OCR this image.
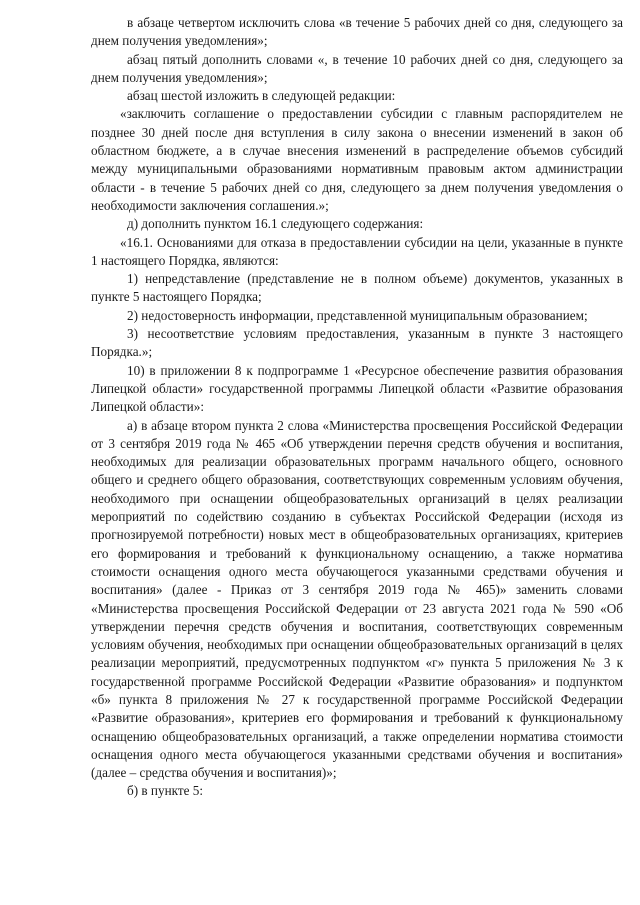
в абзаце четвертом исключить слова «в течение 5 рабочих дней со дня, следующего за днем получения уведомления»;

абзац пятый дополнить словами «, в течение 10 рабочих дней со дня, следующего за днем получения уведомления»;

абзац шестой изложить в следующей редакции:

«заключить соглашение о предоставлении субсидии с главным распорядителем не позднее 30 дней после дня вступления в силу закона о внесении изменений в закон об областном бюджете, а в случае внесения изменений в распределение объемов субсидий между муниципальными образованиями нормативным правовым актом администрации области - в течение 5 рабочих дней со дня, следующего за днем получения уведомления о необходимости заключения соглашения.»;

д) дополнить пунктом 16.1 следующего содержания:

«16.1. Основаниями для отказа в предоставлении субсидии на цели, указанные в пункте 1 настоящего Порядка, являются:

1) непредставление (представление не в полном объеме) документов, указанных в пункте 5 настоящего Порядка;

2) недостоверность информации, представленной муниципальным образованием;

3) несоответствие условиям предоставления, указанным в пункте 3 настоящего Порядка.»;

10) в приложении 8 к подпрограмме 1 «Ресурсное обеспечение развития образования Липецкой области» государственной программы Липецкой области «Развитие образования Липецкой области»:

а) в абзаце втором пункта 2 слова «Министерства просвещения Российской Федерации от 3 сентября 2019 года № 465 «Об утверждении перечня средств обучения и воспитания, необходимых для реализации образовательных программ начального общего, основного общего и среднего общего образования, соответствующих современным условиям обучения, необходимого при оснащении общеобразовательных организаций в целях реализации мероприятий по содействию созданию в субъектах Российской Федерации (исходя из прогнозируемой потребности) новых мест в общеобразовательных организациях, критериев его формирования и требований к функциональному оснащению, а также норматива стоимости оснащения одного места обучающегося указанными средствами обучения и воспитания» (далее - Приказ от 3 сентября 2019 года № 465)» заменить словами «Министерства просвещения Российской Федерации от 23 августа 2021 года № 590 «Об утверждении перечня средств обучения и воспитания, соответствующих современным условиям обучения, необходимых при оснащении общеобразовательных организаций в целях реализации мероприятий, предусмотренных подпунктом «г» пункта 5 приложения № 3 к государственной программе Российской Федерации «Развитие образования» и подпунктом «б» пункта 8 приложения № 27 к государственной программе Российской Федерации «Развитие образования», критериев его формирования и требований к функциональному оснащению общеобразовательных организаций, а также определении норматива стоимости оснащения одного места обучающегося указанными средствами обучения и воспитания» (далее – средства обучения и воспитания)»;

б) в пункте 5:
